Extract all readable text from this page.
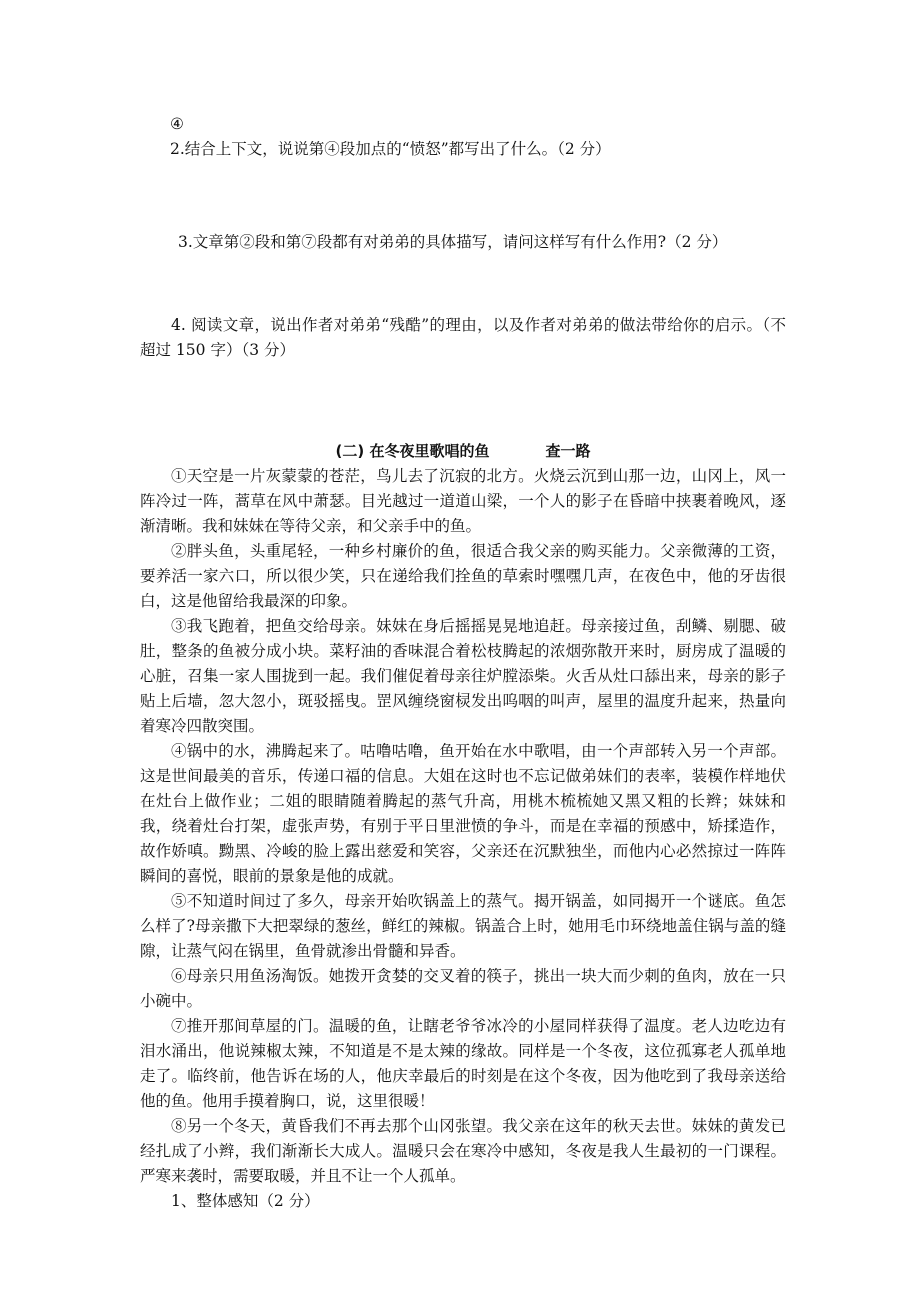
④

2.结合上下文，说说第④段加点的“愤怒”都写出了什么。（2 分）

3.文章第②段和第⑦段都有对弟弟的具体描写，请问这样写有什么作用?（2 分）

4. 阅读文章，说出作者对弟弟“残酷”的理由，以及作者对弟弟的做法带给你的启示。（不超过 150 字）（3 分）

(二) 在冬夜里歌唱的鱼	查一路

①天空是一片灰蒙蒙的苍茫，鸟儿去了沉寂的北方。火烧云沉到山那一边，山冈上，风一阵冷过一阵，蒿草在风中萧瑟。目光越过一道道山梁，一个人的影子在昏暗中挟裹着晚风，逐渐清晰。我和妹妹在等待父亲，和父亲手中的鱼。

②胖头鱼，头重尾轻，一种乡村廉价的鱼，很适合我父亲的购买能力。父亲微薄的工资，要养活一家六口，所以很少笑，只在递给我们拴鱼的草索时嘿嘿几声，在夜色中，他的牙齿很白，这是他留给我最深的印象。

③我飞跑着，把鱼交给母亲。妹妹在身后摇摇晃晃地追赶。母亲接过鱼，刮鳞、剔腮、破肚，整条的鱼被分成小块。菜籽油的香味混合着松枝腾起的浓烟弥散开来时，厨房成了温暖的心脏，召集一家人围拢到一起。我们催促着母亲往炉膛添柴。火舌从灶口舔出来，母亲的影子贴上后墙，忽大忽小，斑驳摇曳。罡风缠绕窗棂发出呜咽的叫声，屋里的温度升起来，热量向着寒冷四散突围。

④锅中的水，沸腾起来了。咕噜咕噜，鱼开始在水中歌唱，由一个声部转入另一个声部。这是世间最美的音乐，传递口福的信息。大姐在这时也不忘记做弟妹们的表率，装模作样地伏在灶台上做作业；二姐的眼睛随着腾起的蒸气升高，用桃木梳梳她又黑又粗的长辫；妹妹和我，绕着灶台打架，虚张声势，有别于平日里泄愤的争斗，而是在幸福的预感中，矫揉造作，故作娇嗔。黝黑、冷峻的脸上露出慈爱和笑容，父亲还在沉默独坐，而他内心必然掠过一阵阵瞬间的喜悦，眼前的景象是他的成就。

⑤不知道时间过了多久，母亲开始吹锅盖上的蒸气。揭开锅盖，如同揭开一个谜底。鱼怎么样了?母亲撒下大把翠绿的葱丝，鲜红的辣椒。锅盖合上时，她用毛巾环绕地盖住锅与盖的缝隙，让蒸气闷在锅里，鱼骨就渗出骨髓和异香。

⑥母亲只用鱼汤淘饭。她拨开贪婪的交叉着的筷子，挑出一块大而少刺的鱼肉，放在一只小碗中。

⑦推开那间草屋的门。温暖的鱼，让瞎老爷爷冰冷的小屋同样获得了温度。老人边吃边有泪水涌出，他说辣椒太辣，不知道是不是太辣的缘故。同样是一个冬夜，这位孤寡老人孤单地走了。临终前，他告诉在场的人，他庆幸最后的时刻是在这个冬夜，因为他吃到了我母亲送给他的鱼。他用手摸着胸口，说，这里很暖！

⑧另一个冬天，黄昏我们不再去那个山冈张望。我父亲在这年的秋天去世。妹妹的黄发已经扎成了小辫，我们渐渐长大成人。温暖只会在寒冷中感知，冬夜是我人生最初的一门课程。严寒来袭时，需要取暖，并且不让一个人孤单。

1、整体感知（2 分）
